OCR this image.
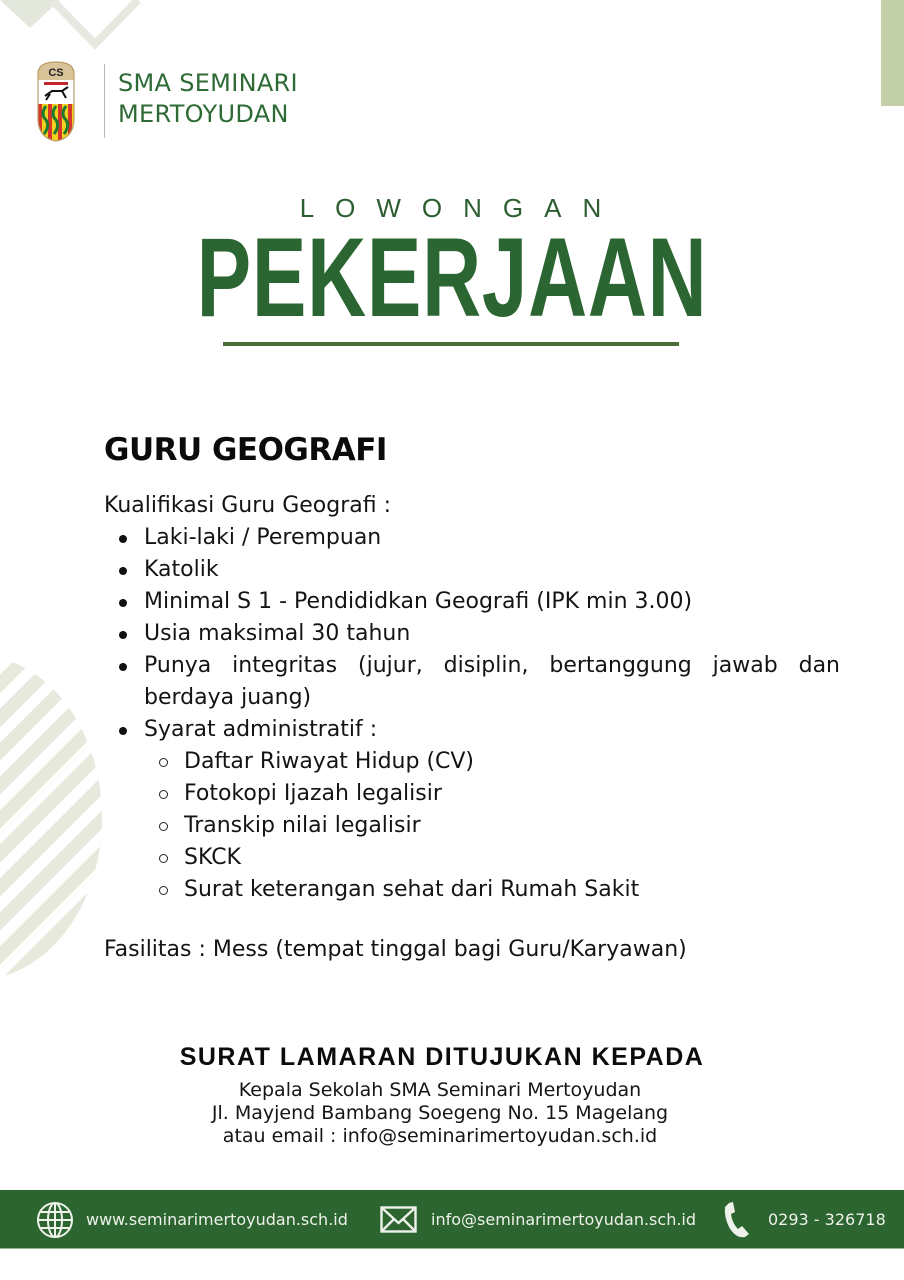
CS SMA SEMINARI
MERTOYUDAN
LOWONGAN
PEKERJAAN
GURU GEOGRAFI
Kualifikasi Guru Geografi :
Laki-laki / Perempuan
Katolik
Minimal S 1 - Pendididkan Geografi (IPK min 3.00)
Usia maksimal 30 tahun
Punya integritas (jujur, disiplin, bertanggung jawab dan
berdaya juang)
Syarat administratif :
Daftar Riwayat Hidup (CV)
Fotokopi Ijazah legalisir
Transkip nilai legalisir
SKCK
Surat keterangan sehat dari Rumah Sakit
Fasilitas : Mess (tempat tinggal bagi Guru/Karyawan)
SURAT LAMARAN DITUJUKAN KEPADA
Kepala Sekolah SMA Seminari Mertoyudan
Jl. Mayjend Bambang Soegeng No. 15 Magelang
atau email : info@seminarimertoyudan.sch.id
www.seminarimertoyudan.sch.id	info@seminarimertoyudan.sch.id	0293 - 326718
